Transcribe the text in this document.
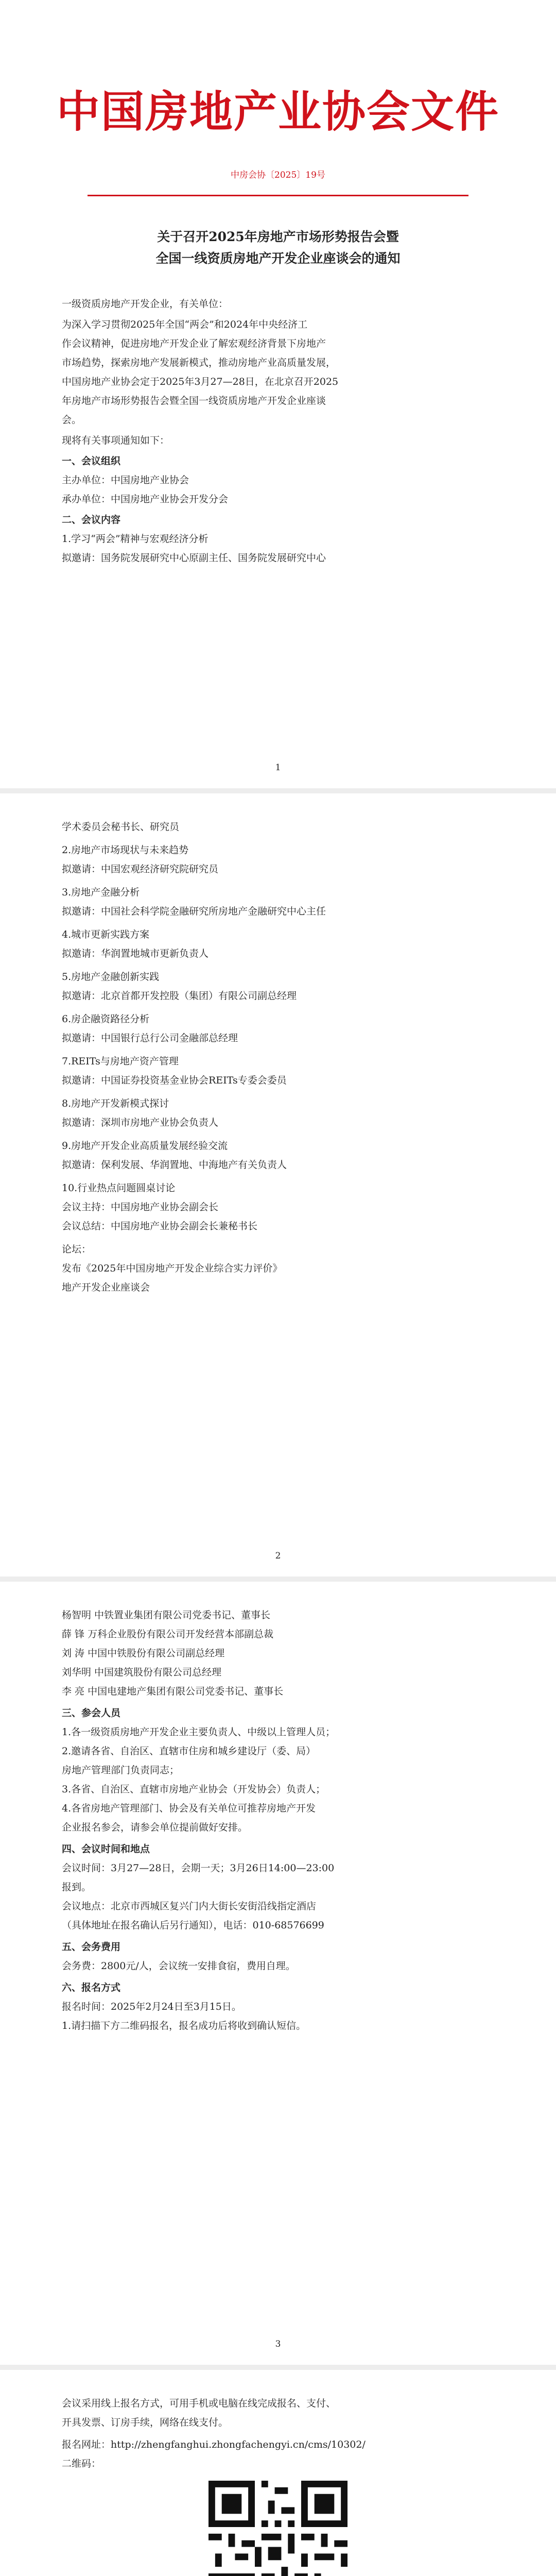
中国房地产业协会文件
中房会协〔2025〕19号
关于召开2025年房地产市场形势报告会暨
全国一线资质房地产开发企业座谈会的通知
一级资质房地产开发企业，有关单位：
为深入学习贯彻2025年全国“两会”和2024年中央经济工
作会议精神，促进房地产开发企业了解宏观经济背景下房地产
市场趋势，探索房地产发展新模式，推动房地产业高质量发展，
中国房地产业协会定于2025年3月27—28日，在北京召开2025
年房地产市场形势报告会暨全国一线资质房地产开发企业座谈
会。
现将有关事项通知如下：
一、会议组织
主办单位：中国房地产业协会
承办单位：中国房地产业协会开发分会
二、会议内容
1.学习“两会”精神与宏观经济分析
拟邀请：国务院发展研究中心原副主任、国务院发展研究中心
1
学术委员会秘书长、研究员
2.房地产市场现状与未来趋势
拟邀请：中国宏观经济研究院研究员
3.房地产金融分析
拟邀请：中国社会科学院金融研究所房地产金融研究中心主任
4.城市更新实践方案
拟邀请：华润置地城市更新负责人
5.房地产金融创新实践
拟邀请：北京首都开发控股（集团）有限公司副总经理
6.房企融资路径分析
拟邀请：中国银行总行公司金融部总经理
7.REITs与房地产资产管理
拟邀请：中国证券投资基金业协会REITs专委会委员
8.房地产开发新模式探讨
拟邀请：深圳市房地产业协会负责人
9.房地产开发企业高质量发展经验交流
拟邀请：保利发展、华润置地、中海地产有关负责人
10.行业热点问题圆桌讨论
会议主持：中国房地产业协会副会长
会议总结：中国房地产业协会副会长兼秘书长
论坛：
发布《2025年中国房地产开发企业综合实力评价》
地产开发企业座谈会
2
杨智明 中铁置业集团有限公司党委书记、董事长
薛 锋 万科企业股份有限公司开发经营本部副总裁
刘 涛 中国中铁股份有限公司副总经理
刘华明 中国建筑股份有限公司总经理
李 亮 中国电建地产集团有限公司党委书记、董事长
三、参会人员
1.各一级资质房地产开发企业主要负责人、中级以上管理人员；
2.邀请各省、自治区、直辖市住房和城乡建设厅（委、局）
房地产管理部门负责同志；
3.各省、自治区、直辖市房地产业协会（开发协会）负责人；
4.各省房地产管理部门、协会及有关单位可推荐房地产开发
企业报名参会，请参会单位提前做好安排。
四、会议时间和地点
会议时间：3月27—28日，会期一天；3月26日14:00—23:00
报到。
会议地点：北京市西城区复兴门内大街长安街沿线指定酒店
（具体地址在报名确认后另行通知），电话：010-68576699
五、会务费用
会务费：2800元/人，会议统一安排食宿，费用自理。
六、报名方式
报名时间：2025年2月24日至3月15日。
1.请扫描下方二维码报名，报名成功后将收到确认短信。
3
会议采用线上报名方式，可用手机或电脑在线完成报名、支付、
开具发票、订房手续，网络在线支付。
报名网址：http://zhengfanghui.zhongfachengyi.cn/cms/10302/
二维码：
